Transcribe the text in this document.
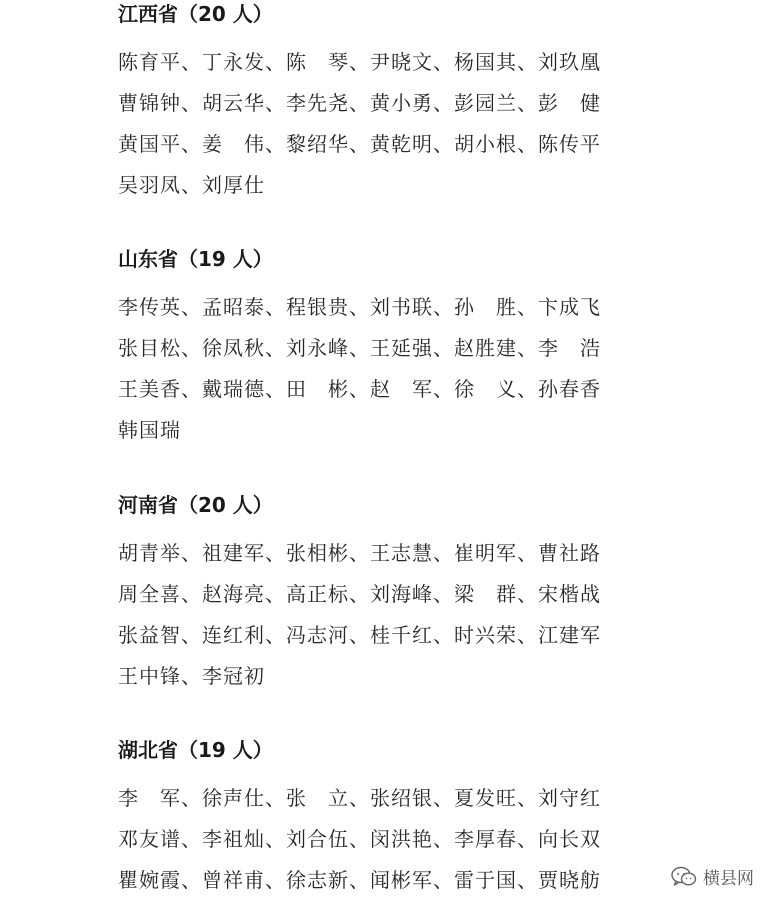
江西省（20 人）
陈育平、丁永发、陈　琴、尹晓文、杨国其、刘玖凰
曹锦钟、胡云华、李先尧、黄小勇、彭园兰、彭　健
黄国平、姜　伟、黎绍华、黄乾明、胡小根、陈传平
吴羽凤、刘厚仕
山东省（19 人）
李传英、孟昭泰、程银贵、刘书联、孙　胜、卞成飞
张目松、徐凤秋、刘永峰、王延强、赵胜建、李　浩
王美香、戴瑞德、田　彬、赵　军、徐　义、孙春香
韩国瑞
河南省（20 人）
胡青举、祖建军、张相彬、王志慧、崔明军、曹社路
周全喜、赵海亮、高正标、刘海峰、梁　群、宋楷战
张益智、连红利、冯志河、桂千红、时兴荣、江建军
王中锋、李冠初
湖北省（19 人）
李　军、徐声仕、张　立、张绍银、夏发旺、刘守红
邓友谱、李祖灿、刘合伍、闵洪艳、李厚春、向长双
瞿婉霞、曾祥甫、徐志新、闻彬军、雷于国、贾晓舫	横县网
